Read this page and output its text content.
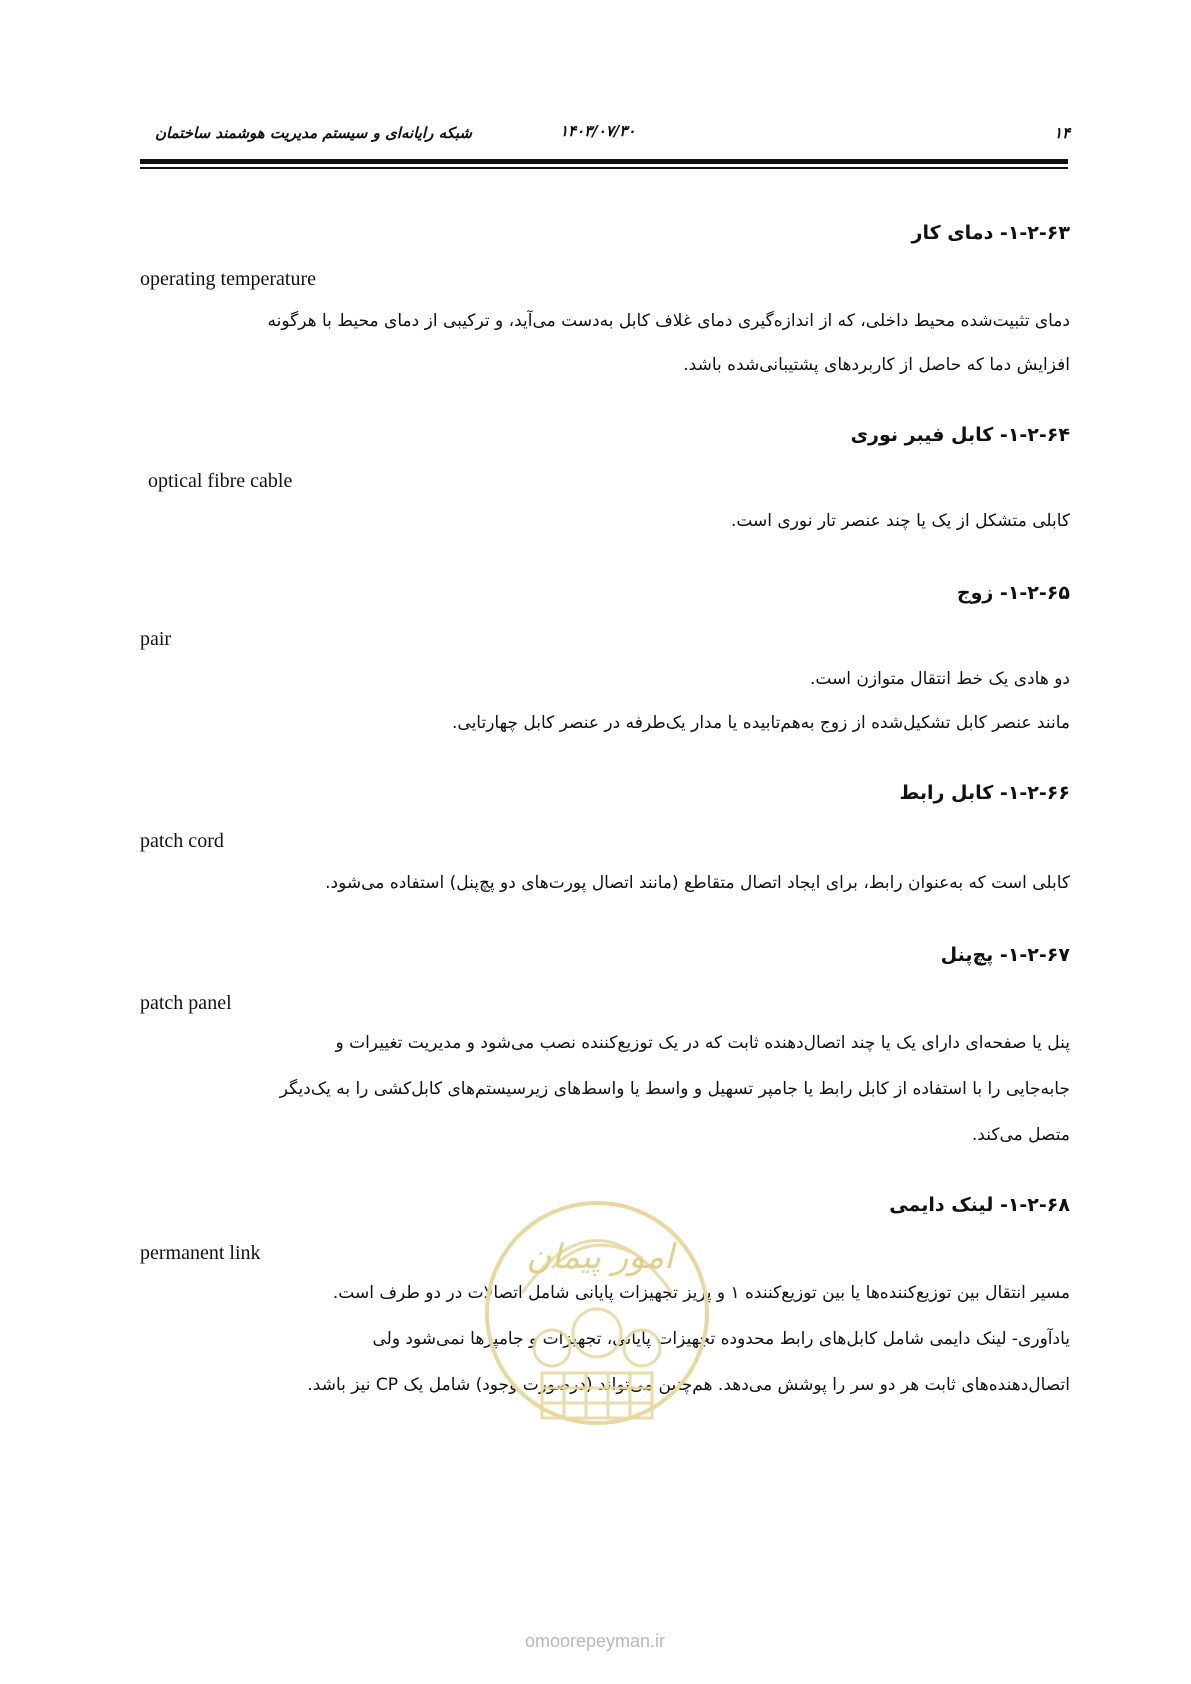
شبکه رایانه‌ای و سیستم مدیریت هوشمند ساختمان	۱۴۰۳/۰۷/۳۰	۱۴
۱-۲-۶۳- دمای کار
operating temperature
دمای تثبیت‌شده محیط داخلی، که از اندازه‌گیری دمای غلاف کابل به‌دست می‌آید، و ترکیبی از دمای محیط با هرگونه
افزایش دما که حاصل از کاربردهای پشتیبانی‌شده باشد.
۱-۲-۶۴- کابل فیبر نوری
optical fibre cable
کابلی متشکل از یک یا چند عنصر تار نوری است.
۱-۲-۶۵- زوج
pair
دو هادی یک خط انتقال متوازن است.
مانند عنصر کابل تشکیل‌شده از زوج به‌هم‌تابیده یا مدار یک‌طرفه در عنصر کابل چهارتایی.
۱-۲-۶۶- کابل رابط
patch cord
کابلی است که به‌عنوان رابط، برای ایجاد اتصال متقاطع (مانند اتصال پورت‌های دو پچ‌پنل) استفاده می‌شود.
۱-۲-۶۷- پچ‌پنل
patch panel
پنل یا صفحه‌ای دارای یک یا چند اتصال‌دهنده ثابت که در یک توزیع‌کننده نصب می‌شود و مدیریت تغییرات و
جابه‌جایی را با استفاده از کابل رابط یا جامپر تسهیل و واسط یا واسط‌های زیرسیستم‌های کابل‌کشی را به یک‌دیگر
متصل می‌کند.
۱-۲-۶۸- لینک دایمی
permanent link
مسیر انتقال بین توزیع‌کننده‌ها یا بین توزیع‌کننده ۱ و پریز تجهیزات پایانی شامل اتصالات در دو طرف است.
یادآوری- لینک دایمی شامل کابل‌های رابط محدوده تجهیزات پایانی، تجهیزات و جامپرها نمی‌شود ولی
اتصال‌دهنده‌های ثابت هر دو سر را پوشش می‌دهد. هم‌چنین می‌تواند (درصورت وجود) شامل یک CP نیز باشد.
امور پیمان
omoorepeyman.ir
